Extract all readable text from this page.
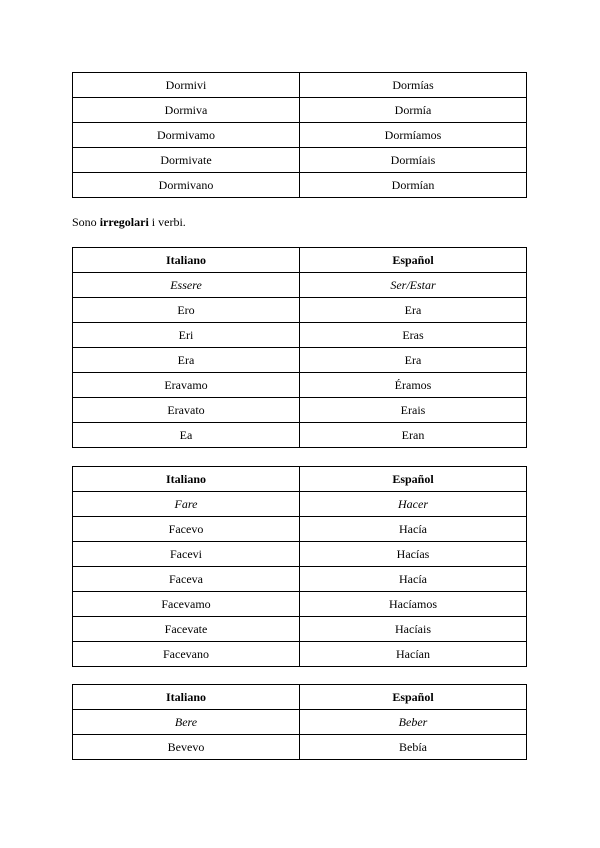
Dormivi	Dormías
Dormiva	Dormía
Dormivamo	Dormíamos
Dormivate	Dormíais
Dormivano	Dormían
Sono irregolari i verbi.
Italiano	Español
Essere	Ser/Estar
Ero	Era
Eri	Eras
Era	Era
Eravamo	Éramos
Eravato	Erais
Ea	Eran
Italiano	Español
Fare	Hacer
Facevo	Hacía
Facevi	Hacías
Faceva	Hacía
Facevamo	Hacíamos
Facevate	Hacíais
Facevano	Hacían
Italiano	Español
Bere	Beber
Bevevo	Bebía
